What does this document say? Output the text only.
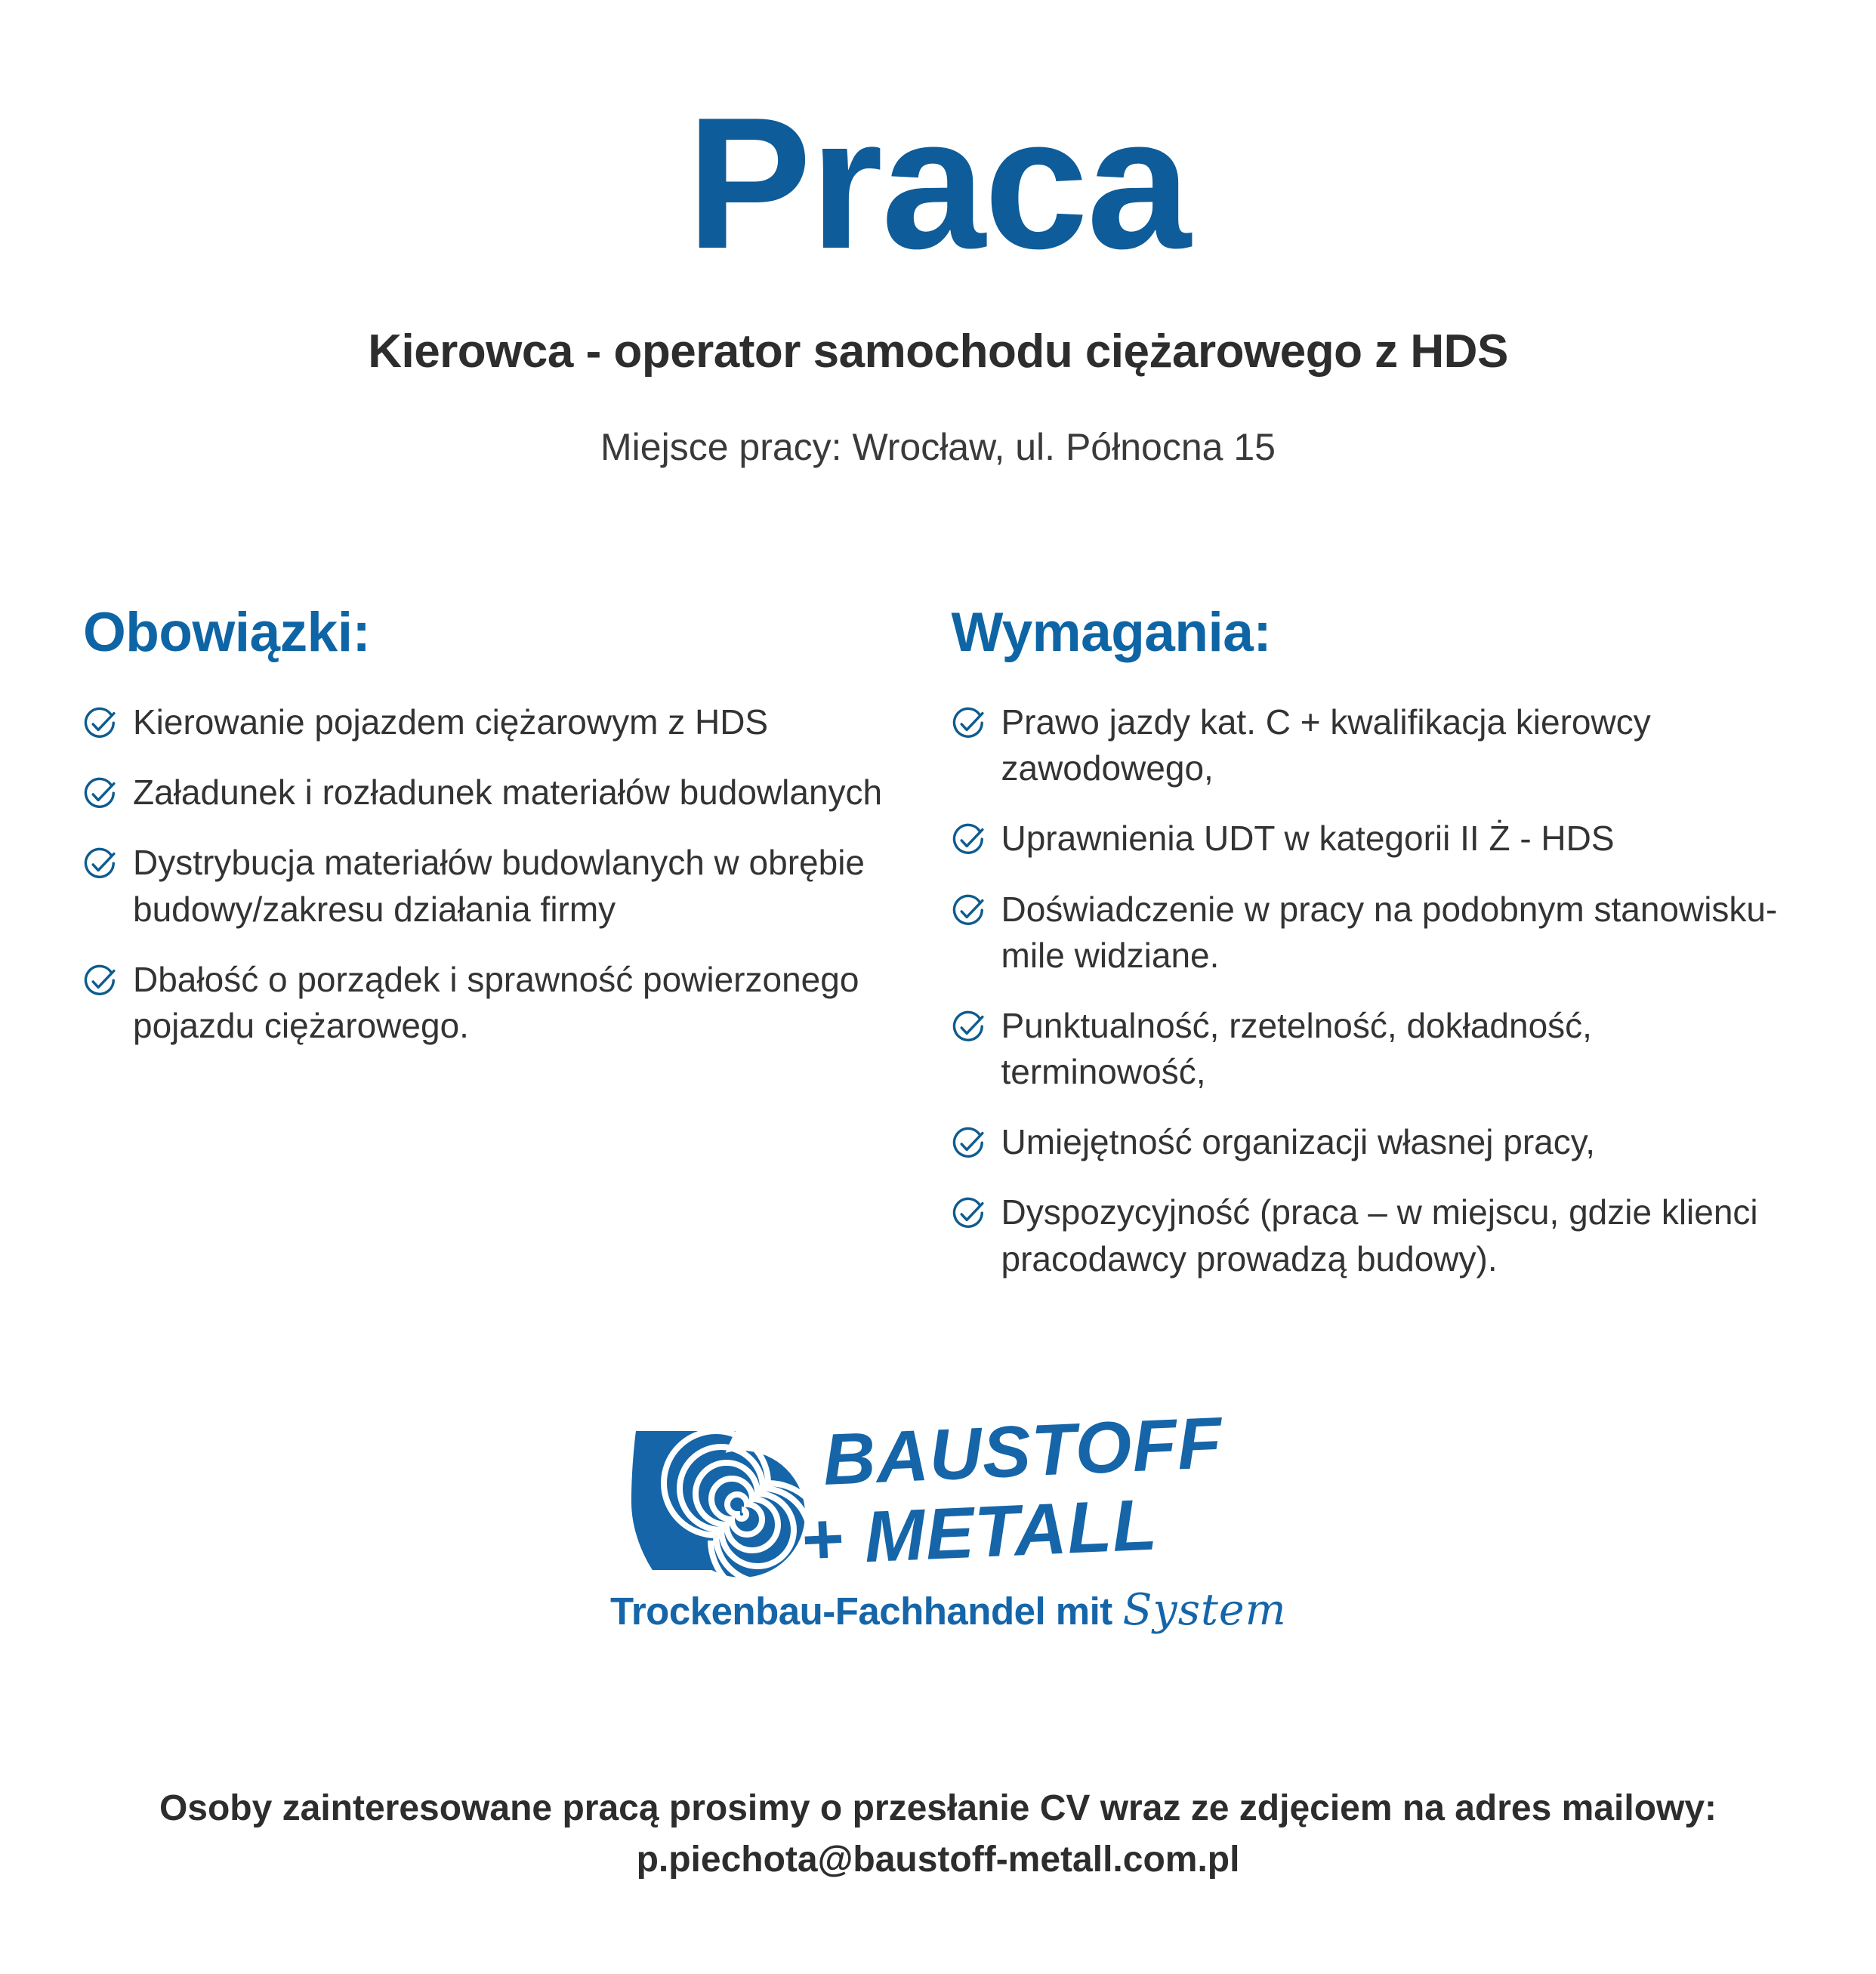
Praca
Kierowca - operator samochodu ciężarowego z HDS
Miejsce pracy: Wrocław, ul. Północna 15
Obowiązki:
Kierowanie pojazdem ciężarowym z HDS
Załadunek i rozładunek materiałów budowlanych
Dystrybucja materiałów budowlanych w obrębie budowy/zakresu działania firmy
Dbałość o porządek i sprawność powierzonego pojazdu ciężarowego.
Wymagania:
Prawo jazdy kat. C + kwalifikacja kierowcy zawodowego,
Uprawnienia UDT w kategorii II Ż - HDS
Doświadczenie w pracy na podobnym stanowisku- mile widziane.
Punktualność, rzetelność, dokładność, terminowość,
Umiejętność organizacji własnej pracy,
Dyspozycyjność (praca – w miejscu, gdzie klienci pracodawcy prowadzą budowy).
BAUSTOFF
+ METALL
Trockenbau-Fachhandel mit System
Osoby zainteresowane pracą prosimy o przesłanie CV wraz ze zdjęciem na adres mailowy:
p.piechota@baustoff-metall.com.pl
